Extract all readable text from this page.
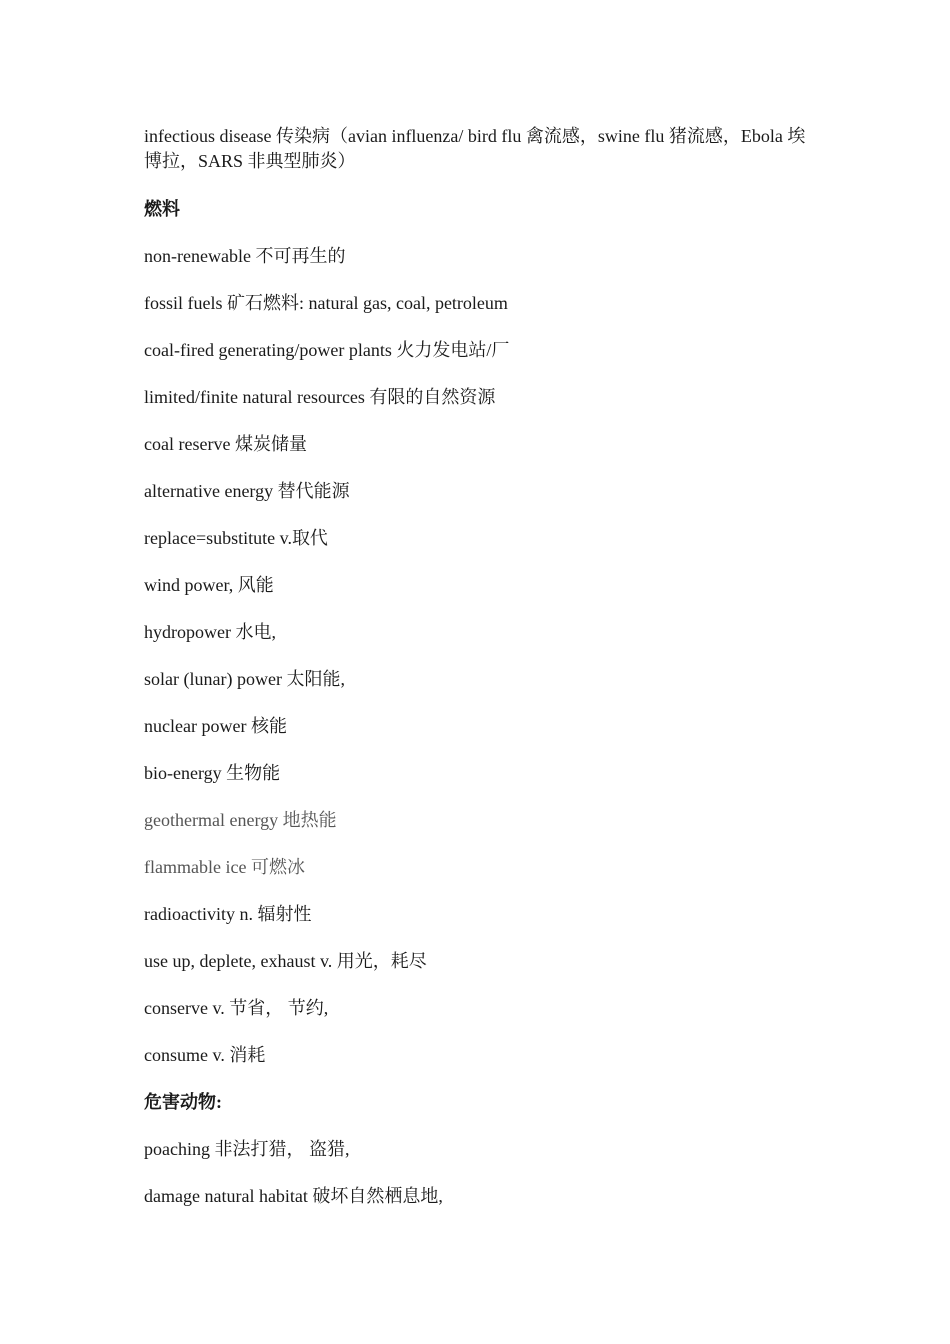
infectious disease 传染病（avian influenza/ bird flu 禽流感，swine flu 猪流感，Ebola 埃博拉，SARS 非典型肺炎）

燃料

non-renewable 不可再生的

fossil fuels 矿石燃料: natural gas, coal, petroleum

coal-fired generating/power plants 火力发电站/厂

limited/finite natural resources 有限的自然资源

coal reserve 煤炭储量

alternative energy 替代能源

replace=substitute v.取代

wind power, 风能

hydropower 水电,

solar (lunar) power 太阳能,

nuclear power 核能

bio-energy 生物能

geothermal energy 地热能

flammable ice 可燃冰

radioactivity n. 辐射性

use up, deplete, exhaust v. 用光，耗尽

conserve v. 节省， 节约,

consume v. 消耗

危害动物:

poaching 非法打猎， 盗猎,

damage natural habitat 破坏自然栖息地,
